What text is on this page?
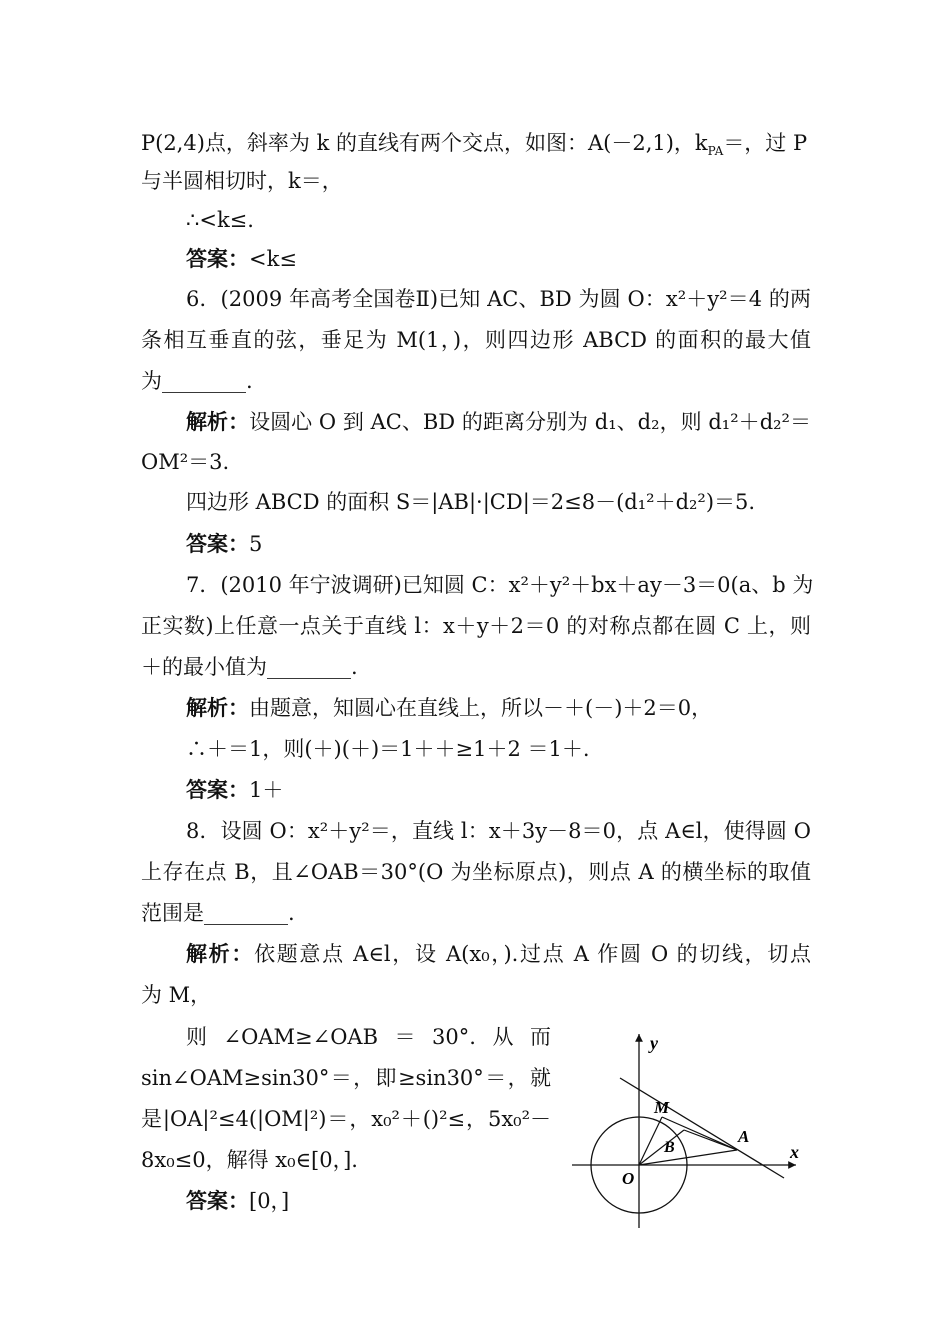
P(2,4)点，斜率为 k 的直线有两个交点，如图：A(－2,1)，$k_{PA}=$，过 P
与半圆相切时，k＝，
∴<k≤.
答案：<k≤
6．(2009 年高考全国卷Ⅱ)已知 AC、BD 为圆 O：x²＋y²＝4 的两
条相互垂直的弦，垂足为 M(1，)，则四边形 ABCD 的面积的最大值
为________.
解析：设圆心 O 到 AC、BD 的距离分别为 d₁、d₂，则 d₁²＋d₂²＝
OM²＝3.
四边形 ABCD 的面积 S＝|AB|·|CD|＝2≤8－(d₁²＋d₂²)＝5.
答案：5
7．(2010 年宁波调研)已知圆 C：x²＋y²＋bx＋ay－3＝0(a、b 为
正实数)上任意一点关于直线 l：x＋y＋2＝0 的对称点都在圆 C 上，则
＋的最小值为________.
解析：由题意，知圆心在直线上，所以－＋(－)＋2＝0，
∴＋＝1，则(＋)(＋)＝1＋＋≥1＋2 ＝1＋.
答案：1＋
8．设圆 O：x²＋y²＝，直线 l：x＋3y－8＝0，点 A∈l，使得圆 O
上存在点 B，且∠OAB＝30°(O 为坐标原点)，则点 A 的横坐标的取值
范围是________.
解析：依题意点 A∈l，设 A(x₀，).过点 A 作圆 O 的切线，切点
为 M，
则∠OAM≥∠OAB＝30°.从而
sin∠OAM≥sin30°＝，即≥sin30°＝，就
是|OA|²≤4(|OM|²)＝，x₀²＋()²≤，5x₀²－
8x₀≤0，解得 x₀∈[0，].
答案：[0，]
y
x
M
A
B
O
